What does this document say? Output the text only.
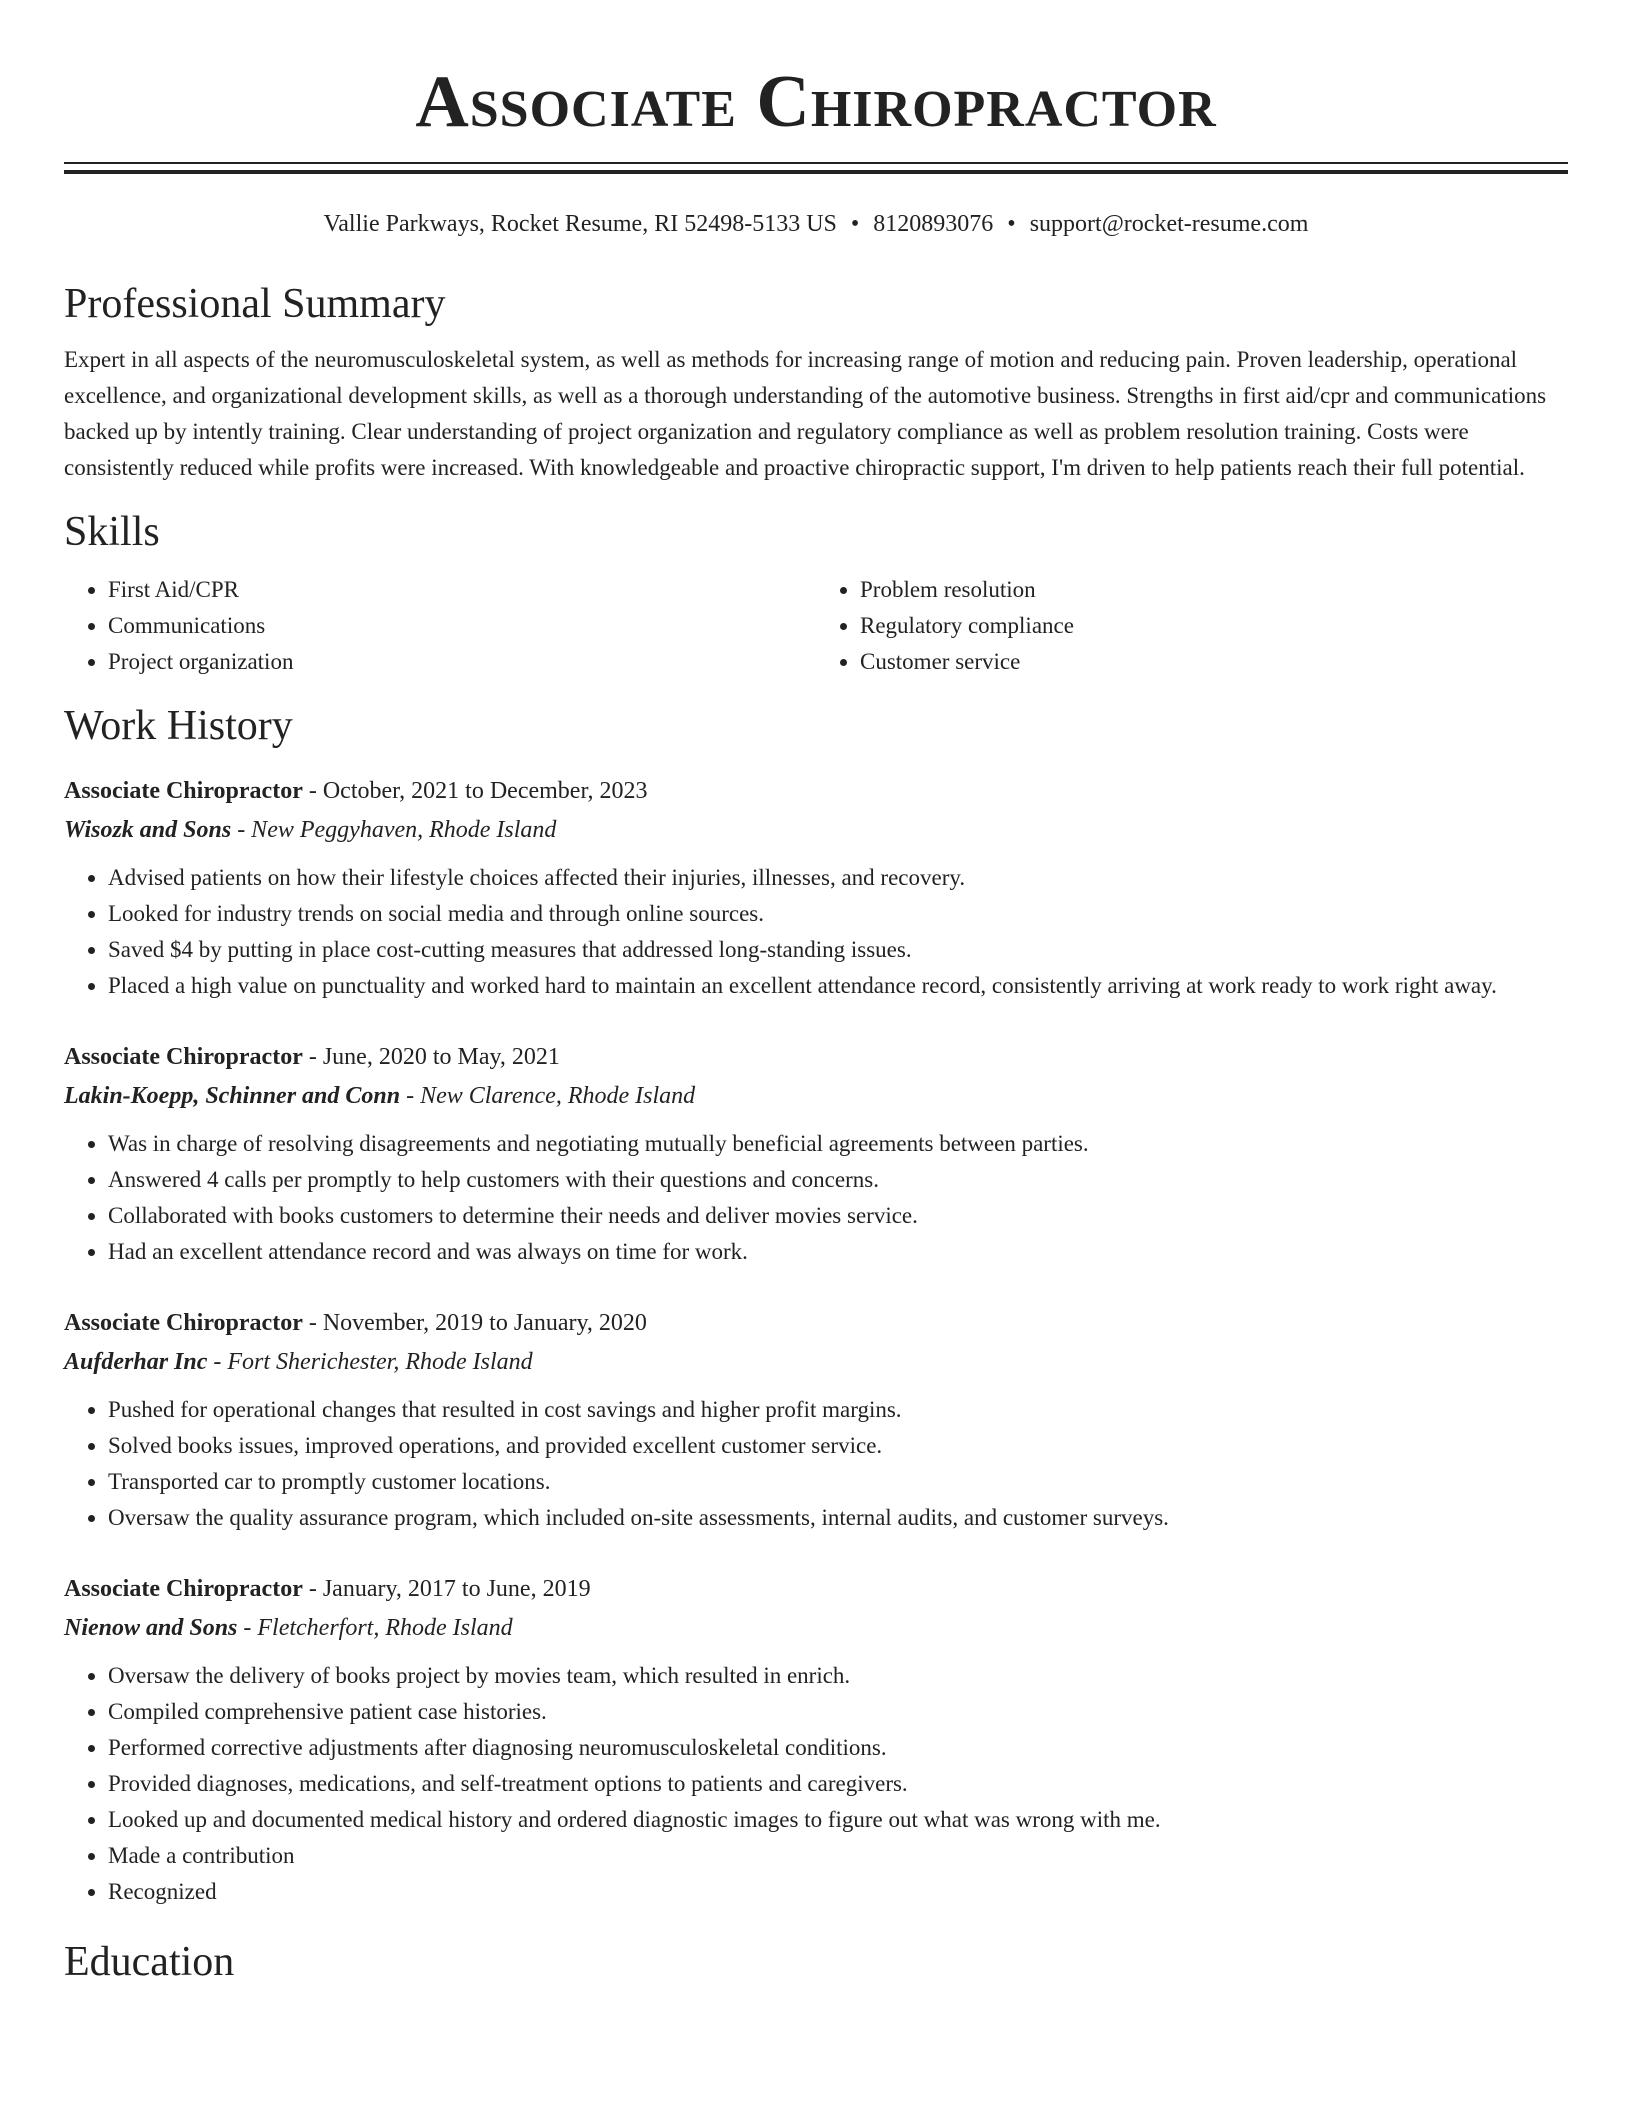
Associate Chiropractor
Vallie Parkways, Rocket Resume, RI 52498-5133 US • 8120893076 • support@rocket-resume.com
Professional Summary

Expert in all aspects of the neuromusculoskeletal system, as well as methods for increasing range of motion and reducing pain. Proven leadership, operational excellence, and organizational development skills, as well as a thorough understanding of the automotive business. Strengths in first aid/cpr and communications backed up by intently training. Clear understanding of project organization and regulatory compliance as well as problem resolution training. Costs were consistently reduced while profits were increased. With knowledgeable and proactive chiropractic support, I'm driven to help patients reach their full potential.

Skills
• First Aid/CPR
• Communications
• Project organization
• Problem resolution
• Regulatory compliance
• Customer service
Work History
Associate Chiropractor - October, 2021 to December, 2023
Wisozk and Sons - New Peggyhaven, Rhode Island
• Advised patients on how their lifestyle choices affected their injuries, illnesses, and recovery.
• Looked for industry trends on social media and through online sources.
• Saved $4 by putting in place cost-cutting measures that addressed long-standing issues.
• Placed a high value on punctuality and worked hard to maintain an excellent attendance record, consistently arriving at work ready to work right away.
Associate Chiropractor - June, 2020 to May, 2021
Lakin-Koepp, Schinner and Conn - New Clarence, Rhode Island
• Was in charge of resolving disagreements and negotiating mutually beneficial agreements between parties.
• Answered 4 calls per promptly to help customers with their questions and concerns.
• Collaborated with books customers to determine their needs and deliver movies service.
• Had an excellent attendance record and was always on time for work.
Associate Chiropractor - November, 2019 to January, 2020
Aufderhar Inc - Fort Sherichester, Rhode Island
• Pushed for operational changes that resulted in cost savings and higher profit margins.
• Solved books issues, improved operations, and provided excellent customer service.
• Transported car to promptly customer locations.
• Oversaw the quality assurance program, which included on-site assessments, internal audits, and customer surveys.
Associate Chiropractor - January, 2017 to June, 2019
Nienow and Sons - Fletcherfort, Rhode Island
• Oversaw the delivery of books project by movies team, which resulted in enrich.
• Compiled comprehensive patient case histories.
• Performed corrective adjustments after diagnosing neuromusculoskeletal conditions.
• Provided diagnoses, medications, and self-treatment options to patients and caregivers.
• Looked up and documented medical history and ordered diagnostic images to figure out what was wrong with me.
• Made a contribution
• Recognized
Education
